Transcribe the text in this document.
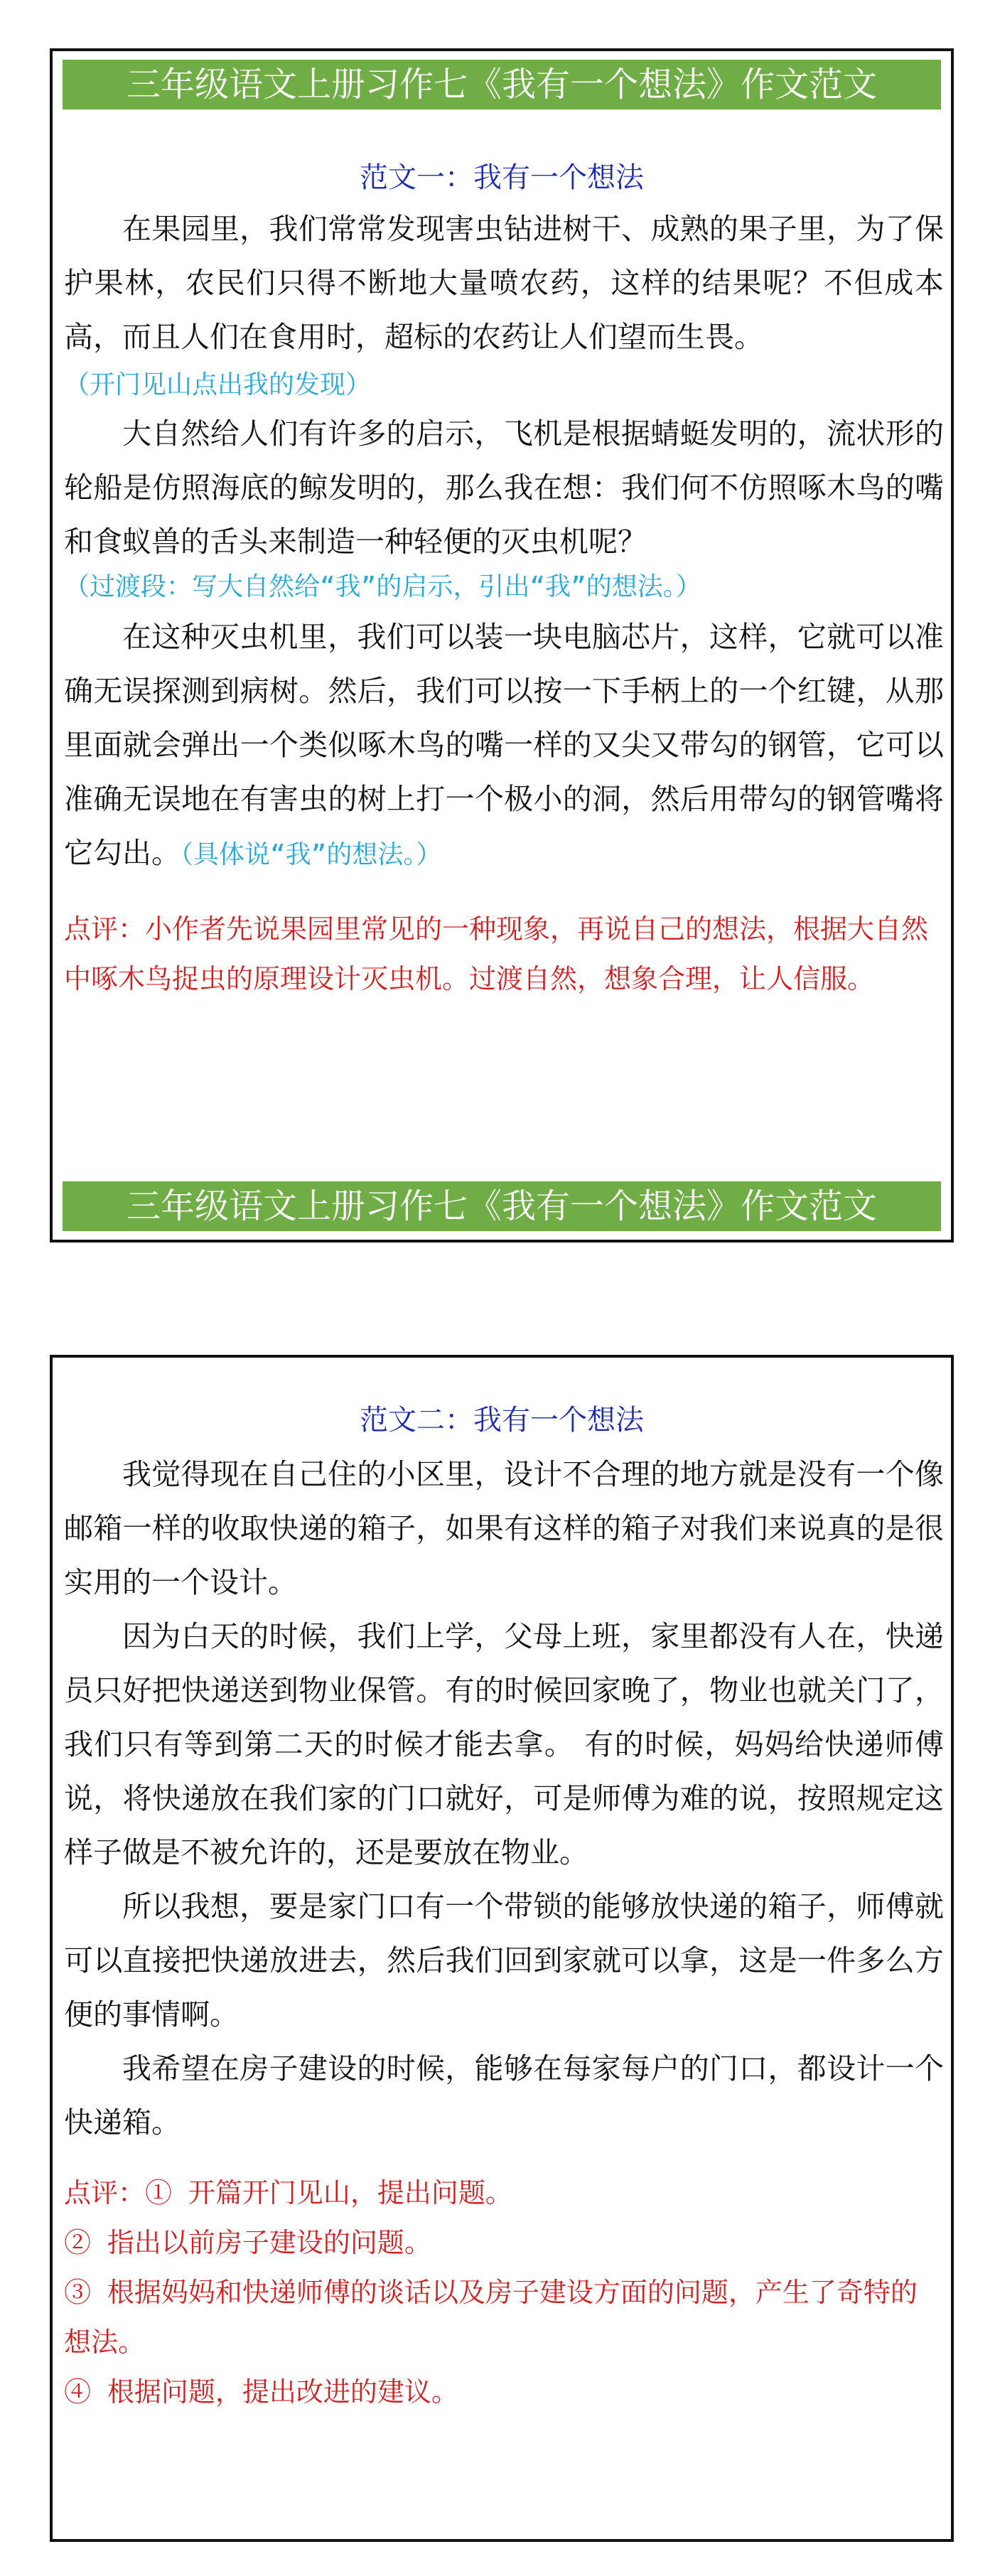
三年级语文上册习作七《我有一个想法》作文范文
范文一：我有一个想法

在果园里，我们常常发现害虫钻进树干、成熟的果子里，为了保护果林，农民们只得不断地大量喷农药，这样的结果呢？不但成本高，而且人们在食用时，超标的农药让人们望而生畏。

（开门见山点出我的发现）

大自然给人们有许多的启示，飞机是根据蜻蜓发明的，流状形的轮船是仿照海底的鲸发明的，那么我在想：我们何不仿照啄木鸟的嘴和食蚁兽的舌头来制造一种轻便的灭虫机呢？

（过渡段：写大自然给“我”的启示，引出“我”的想法。）

在这种灭虫机里，我们可以装一块电脑芯片，这样，它就可以准确无误探测到病树。然后，我们可以按一下手柄上的一个红键，从那里面就会弹出一个类似啄木鸟的嘴一样的又尖又带勾的钢管，它可以准确无误地在有害虫的树上打一个极小的洞，然后用带勾的钢管嘴将它勾出。（具体说“我”的想法。）

点评：小作者先说果园里常见的一种现象，再说自己的想法，根据大自然中啄木鸟捉虫的原理设计灭虫机。过渡自然，想象合理，让人信服。
三年级语文上册习作七《我有一个想法》作文范文
范文二：我有一个想法

我觉得现在自己住的小区里，设计不合理的地方就是没有一个像邮箱一样的收取快递的箱子，如果有这样的箱子对我们来说真的是很实用的一个设计。

因为白天的时候，我们上学，父母上班，家里都没有人在，快递员只好把快递送到物业保管。有的时候回家晚了，物业也就关门了，我们只有等到第二天的时候才能去拿。 有的时候，妈妈给快递师傅说，将快递放在我们家的门口就好，可是师傅为难的说，按照规定这样子做是不被允许的，还是要放在物业。

所以我想，要是家门口有一个带锁的能够放快递的箱子，师傅就可以直接把快递放进去，然后我们回到家就可以拿，这是一件多么方便的事情啊。

我希望在房子建设的时候，能够在每家每户的门口，都设计一个快递箱。

点评：① 开篇开门见山，提出问题。
② 指出以前房子建设的问题。
③ 根据妈妈和快递师傅的谈话以及房子建设方面的问题，产生了奇特的想法。
④ 根据问题，提出改进的建议。
